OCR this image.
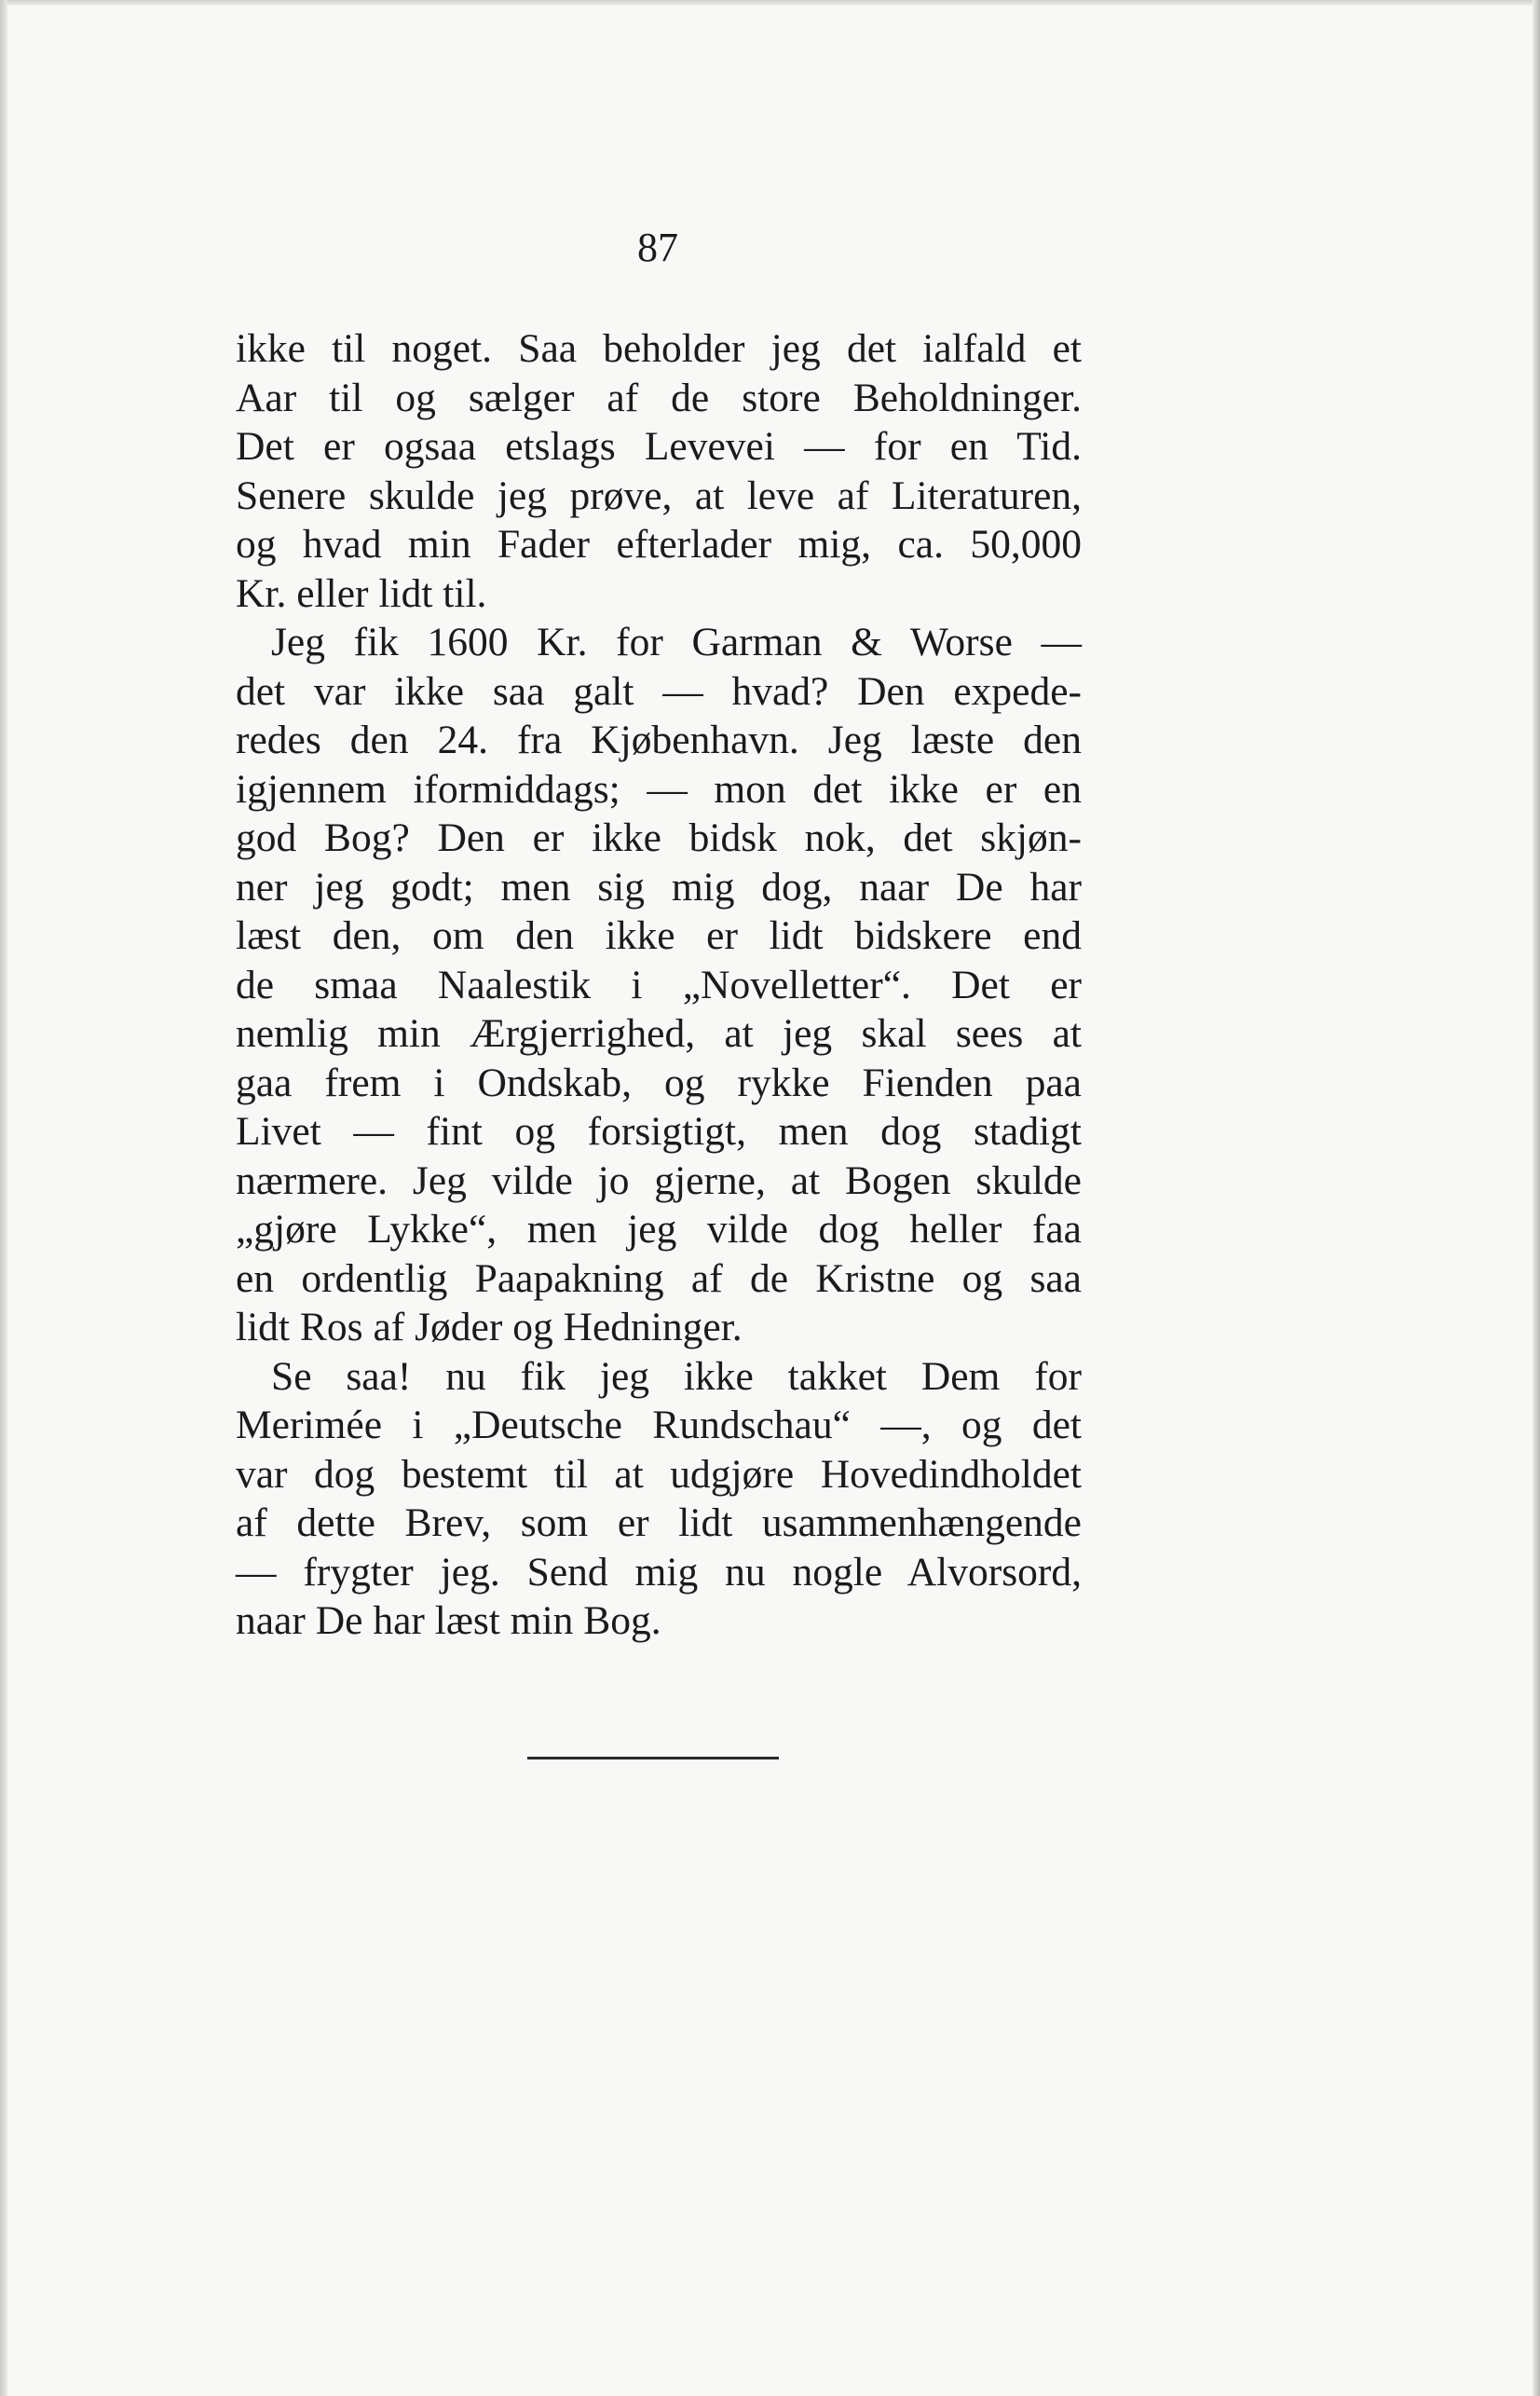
87

ikke til noget. Saa beholder jeg det ialfald et
Aar til og sælger af de store Beholdninger.
Det er ogsaa etslags Levevei — for en Tid.
Senere skulde jeg prøve, at leve af Literaturen,
og hvad min Fader efterlader mig, ca. 50,000
Kr. eller lidt til.

Jeg fik 1600 Kr. for Garman & Worse —
det var ikke saa galt — hvad? Den expede-
redes den 24. fra Kjøbenhavn. Jeg læste den
igjennem iformiddags; — mon det ikke er en
god Bog? Den er ikke bidsk nok, det skjøn-
ner jeg godt; men sig mig dog, naar De har
læst den, om den ikke er lidt bidskere end
de smaa Naalestik i „Novelletter“. Det er
nemlig min Ærgjerrighed, at jeg skal sees at
gaa frem i Ondskab, og rykke Fienden paa
Livet — fint og forsigtigt, men dog stadigt
nærmere. Jeg vilde jo gjerne, at Bogen skulde
„gjøre Lykke“, men jeg vilde dog heller faa
en ordentlig Paapakning af de Kristne og saa
lidt Ros af Jøder og Hedninger.

Se saa! nu fik jeg ikke takket Dem for
Merimée i „Deutsche Rundschau“ —, og det
var dog bestemt til at udgjøre Hovedindholdet
af dette Brev, som er lidt usammenhængende
— frygter jeg. Send mig nu nogle Alvorsord,
naar De har læst min Bog.
